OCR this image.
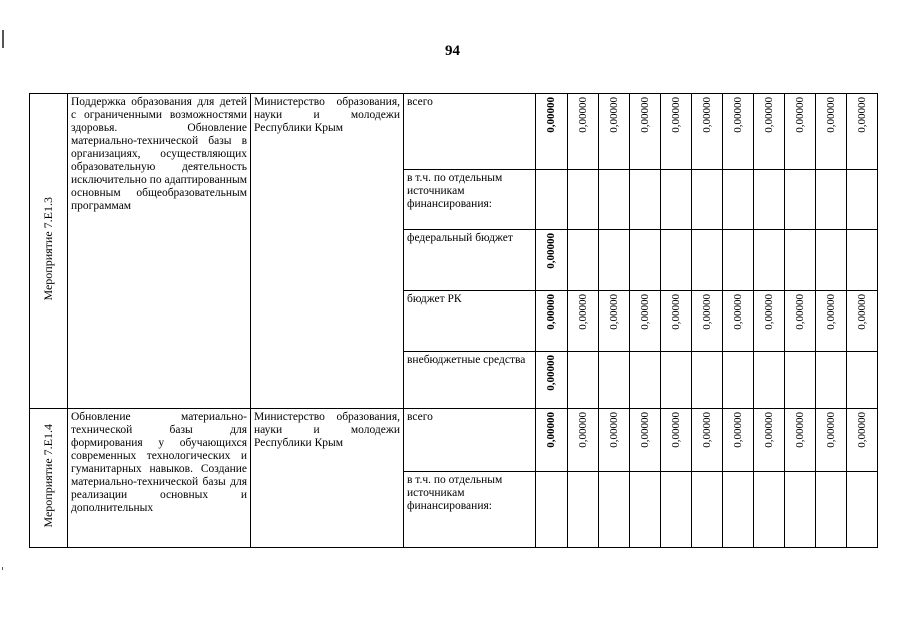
94
Мероприятие 7.Е1.3	Поддержка образования для детей с ограниченными возможностями здоровья. Обновление материально-технической базы в организациях, осуществляющих образовательную деятельность исключительно по адаптированным основным общеобразовательным программам	Министерство образования, науки и молодежи Республики Крым	всего	0,00000	0,00000	0,00000	0,00000	0,00000	0,00000	0,00000	0,00000	0,00000	0,00000	0,00000
			в т.ч. по отдельным источникам финансирования:											
			федеральный бюджет	0,00000										
			бюджет РК	0,00000	0,00000	0,00000	0,00000	0,00000	0,00000	0,00000	0,00000	0,00000	0,00000	0,00000
			внебюджетные средства	0,00000										
Мероприятие 7.Е1.4	Обновление материально-технической базы для формирования у обучающихся современных технологических и гуманитарных навыков. Создание материально-технической базы для реализации основных и дополнительных	Министерство образования, науки и молодежи Республики Крым	всего	0,00000	0,00000	0,00000	0,00000	0,00000	0,00000	0,00000	0,00000	0,00000	0,00000	0,00000
			в т.ч. по отдельным источникам финансирования:											
